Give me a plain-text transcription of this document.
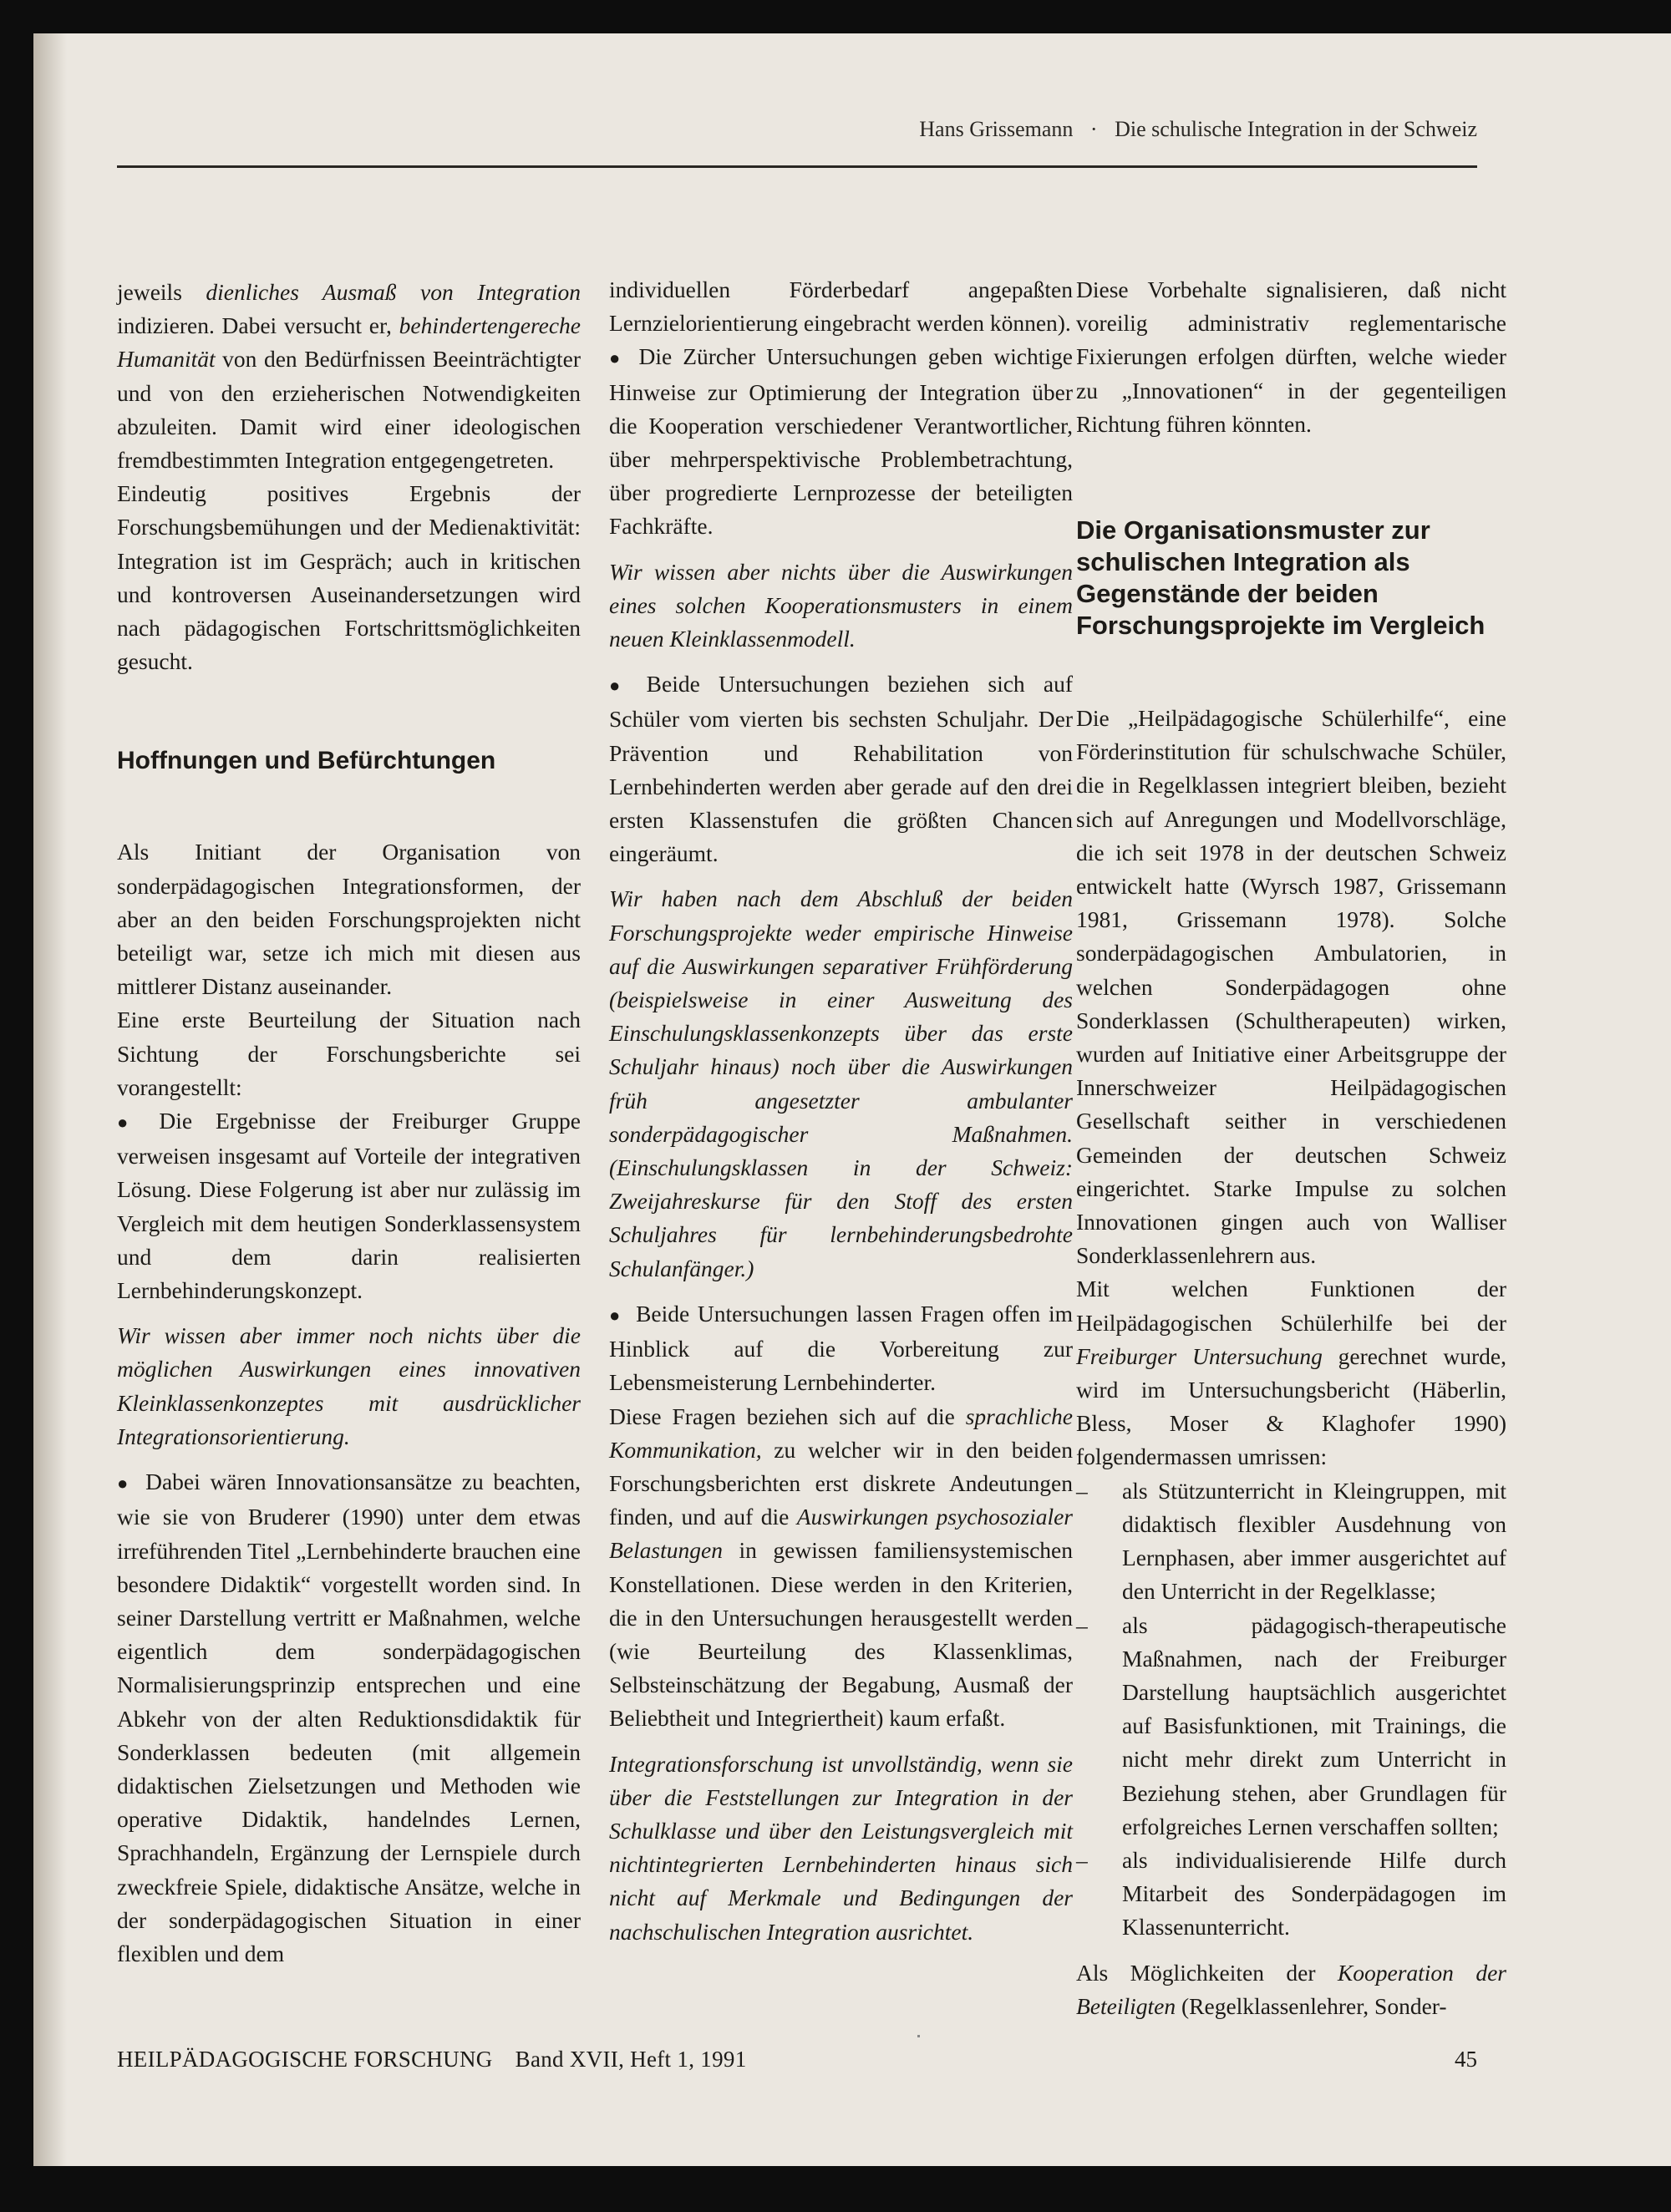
Hans Grissemann · Die schulische Integration in der Schweiz

jeweils dienliches Ausmaß von Integration indizieren. Dabei versucht er, behindertengereche Humanität von den Bedürfnissen Beeinträchtigter und von den erzieherischen Notwendigkeiten abzuleiten. Damit wird einer ideologischen fremdbestimmten Integration entgegengetreten.

Eindeutig positives Ergebnis der Forschungsbemühungen und der Medienaktivität: Integration ist im Gespräch; auch in kritischen und kontroversen Auseinandersetzungen wird nach pädagogischen Fortschrittsmöglichkeiten gesucht.

Hoffnungen und Befürchtungen

Als Initiant der Organisation von sonderpädagogischen Integrationsformen, der aber an den beiden Forschungsprojekten nicht beteiligt war, setze ich mich mit diesen aus mittlerer Distanz auseinander.

Eine erste Beurteilung der Situation nach Sichtung der Forschungsberichte sei vorangestellt:

● Die Ergebnisse der Freiburger Gruppe verweisen insgesamt auf Vorteile der integrativen Lösung. Diese Folgerung ist aber nur zulässig im Vergleich mit dem heutigen Sonderklassensystem und dem darin realisierten Lernbehinderungskonzept.

Wir wissen aber immer noch nichts über die möglichen Auswirkungen eines innovativen Kleinklassenkonzeptes mit ausdrücklicher Integrationsorientierung.

● Dabei wären Innovationsansätze zu beachten, wie sie von Bruderer (1990) unter dem etwas irreführenden Titel „Lernbehinderte brauchen eine besondere Didaktik“ vorgestellt worden sind. In seiner Darstellung vertritt er Maßnahmen, welche eigentlich dem sonderpädagogischen Normalisierungsprinzip entsprechen und eine Abkehr von der alten Reduktionsdidaktik für Sonderklassen bedeuten (mit allgemein didaktischen Zielsetzungen und Methoden wie operative Didaktik, handelndes Lernen, Sprachhandeln, Ergänzung der Lernspiele durch zweckfreie Spiele, didaktische Ansätze, welche in der sonderpädagogischen Situation in einer flexiblen und dem

individuellen Förderbedarf angepaßten Lernzielorientierung eingebracht werden können).

● Die Zürcher Untersuchungen geben wichtige Hinweise zur Optimierung der Integration über die Kooperation verschiedener Verantwortlicher, über mehrperspektivische Problembetrachtung, über progredierte Lernprozesse der beteiligten Fachkräfte.

Wir wissen aber nichts über die Auswirkungen eines solchen Kooperationsmusters in einem neuen Kleinklassenmodell.

● Beide Untersuchungen beziehen sich auf Schüler vom vierten bis sechsten Schuljahr. Der Prävention und Rehabilitation von Lernbehinderten werden aber gerade auf den drei ersten Klassenstufen die größten Chancen eingeräumt.

Wir haben nach dem Abschluß der beiden Forschungsprojekte weder empirische Hinweise auf die Auswirkungen separativer Frühförderung (beispielsweise in einer Ausweitung des Einschulungsklassenkonzepts über das erste Schuljahr hinaus) noch über die Auswirkungen früh angesetzter ambulanter sonderpädagogischer Maßnahmen. (Einschulungsklassen in der Schweiz: Zweijahreskurse für den Stoff des ersten Schuljahres für lernbehinderungsbedrohte Schulanfänger.)

● Beide Untersuchungen lassen Fragen offen im Hinblick auf die Vorbereitung zur Lebensmeisterung Lernbehinderter.

Diese Fragen beziehen sich auf die sprachliche Kommunikation, zu welcher wir in den beiden Forschungsberichten erst diskrete Andeutungen finden, und auf die Auswirkungen psychosozialer Belastungen in gewissen familiensystemischen Konstellationen. Diese werden in den Kriterien, die in den Untersuchungen herausgestellt werden (wie Beurteilung des Klassenklimas, Selbsteinschätzung der Begabung, Ausmaß der Beliebtheit und Integriertheit) kaum erfaßt.

Integrationsforschung ist unvollständig, wenn sie über die Feststellungen zur Integration in der Schulklasse und über den Leistungsvergleich mit nichtintegrierten Lernbehinderten hinaus sich nicht auf Merkmale und Bedingungen der nachschulischen Integration ausrichtet.

Diese Vorbehalte signalisieren, daß nicht voreilig administrativ reglementarische Fixierungen erfolgen dürften, welche wieder zu „Innovationen“ in der gegenteiligen Richtung führen könnten.

Die Organisationsmuster zur schulischen Integration als Gegenstände der beiden Forschungsprojekte im Vergleich

Die „Heilpädagogische Schülerhilfe“, eine Förderinstitution für schulschwache Schüler, die in Regelklassen integriert bleiben, bezieht sich auf Anregungen und Modellvorschläge, die ich seit 1978 in der deutschen Schweiz entwickelt hatte (Wyrsch 1987, Grissemann 1981, Grissemann 1978). Solche sonderpädagogischen Ambulatorien, in welchen Sonderpädagogen ohne Sonderklassen (Schultherapeuten) wirken, wurden auf Initiative einer Arbeitsgruppe der Innerschweizer Heilpädagogischen Gesellschaft seither in verschiedenen Gemeinden der deutschen Schweiz eingerichtet. Starke Impulse zu solchen Innovationen gingen auch von Walliser Sonderklassenlehrern aus.

Mit welchen Funktionen der Heilpädagogischen Schülerhilfe bei der Freiburger Untersuchung gerechnet wurde, wird im Untersuchungsbericht (Häberlin, Bless, Moser & Klaghofer 1990) folgendermassen umrissen:

– als Stützunterricht in Kleingruppen, mit didaktisch flexibler Ausdehnung von Lernphasen, aber immer ausgerichtet auf den Unterricht in der Regelklasse;
– als pädagogisch-therapeutische Maßnahmen, nach der Freiburger Darstellung hauptsächlich ausgerichtet auf Basisfunktionen, mit Trainings, die nicht mehr direkt zum Unterricht in Beziehung stehen, aber Grundlagen für erfolgreiches Lernen verschaffen sollten;
– als individualisierende Hilfe durch Mitarbeit des Sonderpädagogen im Klassenunterricht.

Als Möglichkeiten der Kooperation der Beteiligten (Regelklassenlehrer, Sonder-

HEILPÄDAGOGISCHE FORSCHUNG Band XVII, Heft 1, 1991	45
